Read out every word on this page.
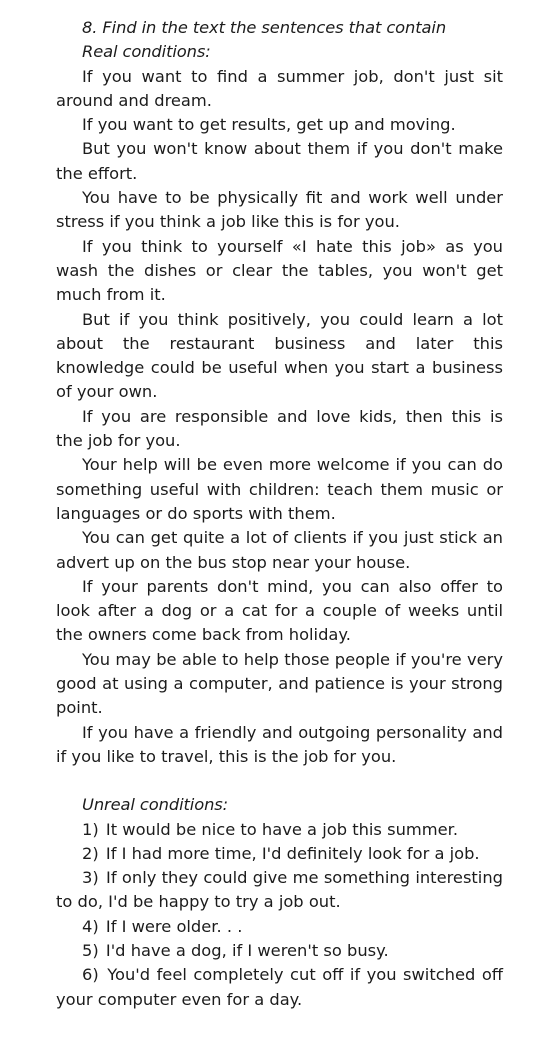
8. Find in the text the sentences that contain

Real conditions:

If you want to find a summer job, don't just sit around and dream.

If you want to get results, get up and moving.

But you won't know about them if you don't make the effort.

You have to be physically fit and work well under stress if you think a job like this is for you.

If you think to yourself «I hate this job» as you wash the dishes or clear the tables, you won't get much from it.

But if you think positively, you could learn a lot about the restaurant business and later this knowledge could be useful when you start a business of your own.

If you are responsible and love kids, then this is the job for you.

Your help will be even more welcome if you can do something useful with children: teach them music or languages or do sports with them.

You can get quite a lot of clients if you just stick an advert up on the bus stop near your house.

If your parents don't mind, you can also offer to look after a dog or a cat for a couple of weeks until the owners come back from holiday.

You may be able to help those people if you're very good at using a computer, and patience is your strong point.

If you have a friendly and outgoing personality and if you like to travel, this is the job for you.

Unreal conditions:

1) It would be nice to have a job this summer.

2) If I had more time, I'd definitely look for a job.

3) If only they could give me something interesting to do, I'd be happy to try a job out.

4) If I were older. . .

5) I'd have a dog, if I weren't so busy.

6) You'd feel completely cut off if you switched off your computer even for a day.
